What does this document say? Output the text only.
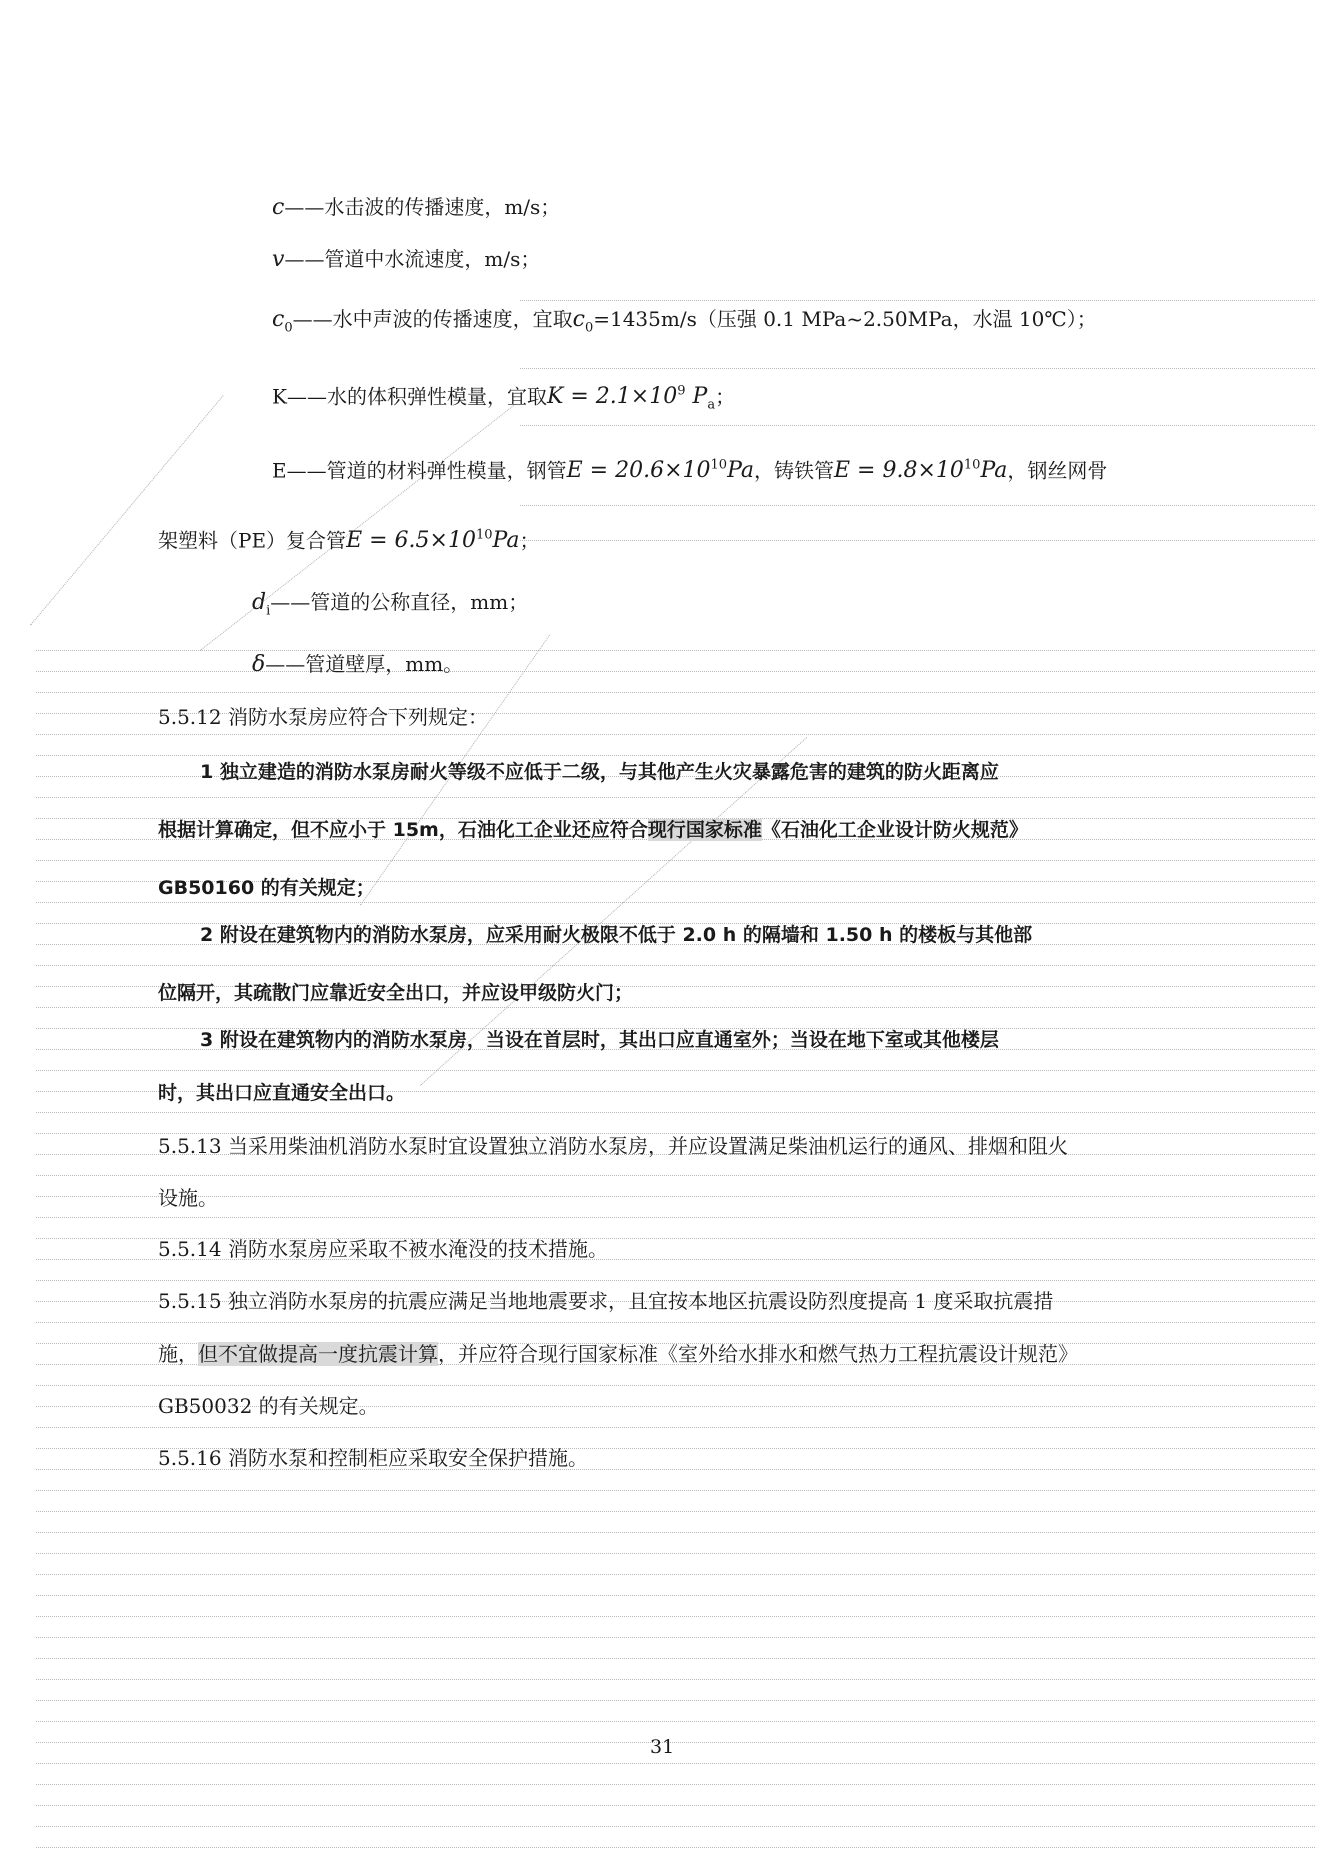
c——水击波的传播速度，m/s；
v——管道中水流速度，m/s；
$c_0——$水中声波的传播速度，宜取$c_0=1435m/s$（压强 0.1 MPa~2.50MPa，水温 10℃）；
K——水的体积弹性模量，宜取$K = 2.1\times 10^9$ $P_a$；
E——管道的材料弹性模量，钢管$E = 20.6\times 10^{10}Pa$，铸铁管$E = 9.8\times 10^{10}Pa$，钢丝网骨
架塑料（PE）复合管$E = 6.5\times 10^{10}Pa$；
$d_i——$管道的公称直径，mm；
δ——管道壁厚，mm。
5.5.12 消防水泵房应符合下列规定：
1 独立建造的消防水泵房耐火等级不应低于二级，与其他产生火灾暴露危害的建筑的防火距离应
根据计算确定，但不应小于 15m，石油化工企业还应符合现行国家标准《石油化工企业设计防火规范》
GB50160 的有关规定；
2 附设在建筑物内的消防水泵房，应采用耐火极限不低于 2.0 h 的隔墙和 1.50 h 的楼板与其他部
位隔开，其疏散门应靠近安全出口，并应设甲级防火门；
3 附设在建筑物内的消防水泵房，当设在首层时，其出口应直通室外；当设在地下室或其他楼层
时，其出口应直通安全出口。
5.5.13 当采用柴油机消防水泵时宜设置独立消防水泵房，并应设置满足柴油机运行的通风、排烟和阻火
设施。
5.5.14 消防水泵房应采取不被水淹没的技术措施。
5.5.15 独立消防水泵房的抗震应满足当地地震要求，且宜按本地区抗震设防烈度提高 1 度采取抗震措
施，但不宜做提高一度抗震计算，并应符合现行国家标准《室外给水排水和燃气热力工程抗震设计规范》
GB50032 的有关规定。
5.5.16 消防水泵和控制柜应采取安全保护措施。
31
